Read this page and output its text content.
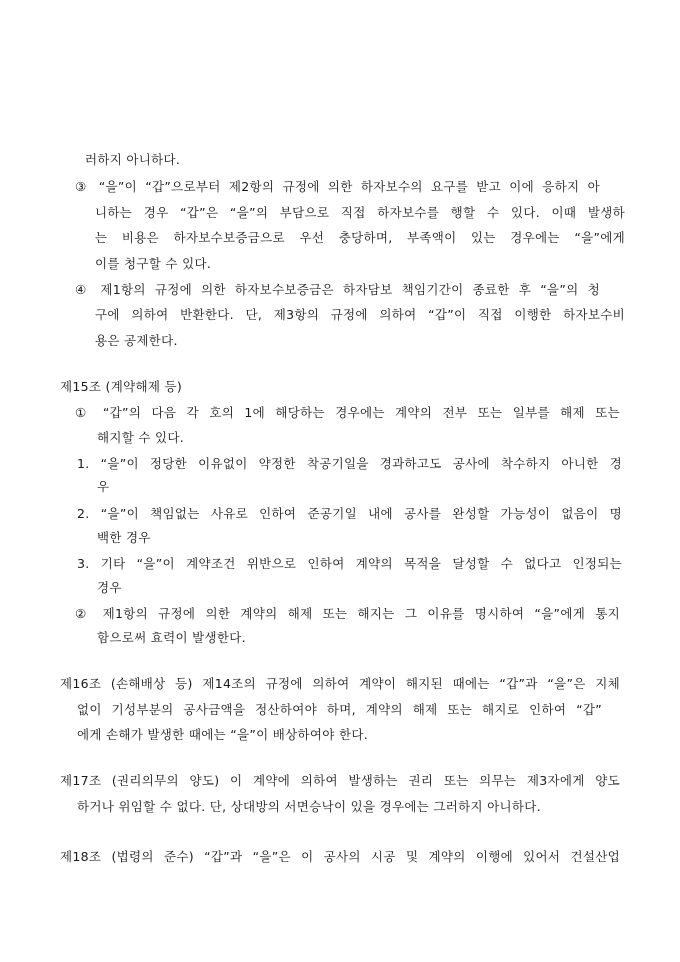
러하지 아니하다.
③ “을”이 “갑”으로부터 제2항의 규정에 의한 하자보수의 요구를 받고 이에 응하지 아
니하는 경우 “갑”은 “을”의 부담으로 직접 하자보수를 행할 수 있다. 이때 발생하
는 비용은 하자보수보증금으로 우선 충당하며, 부족액이 있는 경우에는 “을”에게
이를 청구할 수 있다.
④ 제1항의 규정에 의한 하자보수보증금은 하자담보 책임기간이 종료한 후 “을”의 청
구에 의하여 반환한다. 단, 제3항의 규정에 의하여 “갑”이 직접 이행한 하자보수비
용은 공제한다.
제15조 (계약해제 등)
① “갑”의 다음 각 호의 1에 해당하는 경우에는 계약의 전부 또는 일부를 해제 또는
해지할 수 있다.
1. “을”이 정당한 이유없이 약정한 착공기일을 경과하고도 공사에 착수하지 아니한 경
우
2. “을”이 책임없는 사유로 인하여 준공기일 내에 공사를 완성할 가능성이 없음이 명
백한 경우
3. 기타 “을”이 계약조건 위반으로 인하여 계약의 목적을 달성할 수 없다고 인정되는
경우
② 제1항의 규정에 의한 계약의 해제 또는 해지는 그 이유를 명시하여 “을”에게 통지
함으로써 효력이 발생한다.
제16조 (손해배상 등) 제14조의 규정에 의하여 계약이 해지된 때에는 “갑”과 “을”은 지체
없이 기성부분의 공사금액을 정산하여야 하며, 계약의 해제 또는 해지로 인하여 “갑”
에게 손해가 발생한 때에는 “을”이 배상하여야 한다.
제17조 (권리의무의 양도) 이 계약에 의하여 발생하는 권리 또는 의무는 제3자에게 양도
하거나 위임할 수 없다. 단, 상대방의 서면승낙이 있을 경우에는 그러하지 아니하다.
제18조 (법령의 준수) “갑”과 “을”은 이 공사의 시공 및 계약의 이행에 있어서 건설산업
